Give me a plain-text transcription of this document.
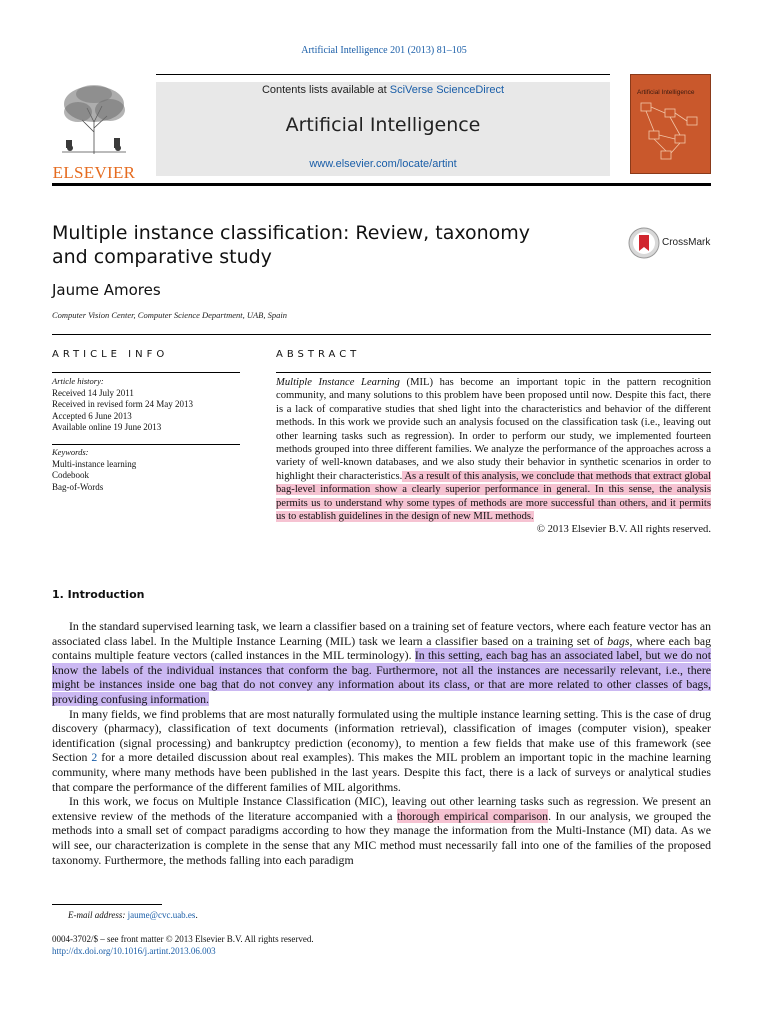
Artificial Intelligence 201 (2013) 81–105
ELSEVIER
Contents lists available at SciVerse ScienceDirect
Artificial Intelligence
www.elsevier.com/locate/artint
Artificial Intelligence
Multiple instance classification: Review, taxonomy
and comparative study
CrossMark
Jaume Amores
Computer Vision Center, Computer Science Department, UAB, Spain
ARTICLE INFO	ABSTRACT
Article history:
Received 14 July 2011
Received in revised form 24 May 2013
Accepted 6 June 2013
Available online 19 June 2013
Keywords:
Multi-instance learning
Codebook
Bag-of-Words
Multiple Instance Learning (MIL) has become an important topic in the pattern recognition community, and many solutions to this problem have been proposed until now. Despite this fact, there is a lack of comparative studies that shed light into the characteristics and behavior of the different methods. In this work we provide such an analysis focused on the classification task (i.e., leaving out other learning tasks such as regression). In order to perform our study, we implemented fourteen methods grouped into three different families. We analyze the performance of the approaches across a variety of well-known databases, and we also study their behavior in synthetic scenarios in order to highlight their characteristics. As a result of this analysis, we conclude that methods that extract global bag-level information show a clearly superior performance in general. In this sense, the analysis permits us to understand why some types of methods are more successful than others, and it permits us to establish guidelines in the design of new MIL methods.
© 2013 Elsevier B.V. All rights reserved.
1. Introduction

In the standard supervised learning task, we learn a classifier based on a training set of feature vectors, where each feature vector has an associated class label. In the Multiple Instance Learning (MIL) task we learn a classifier based on a training set of bags, where each bag contains multiple feature vectors (called instances in the MIL terminology). In this setting, each bag has an associated label, but we do not know the labels of the individual instances that conform the bag. Furthermore, not all the instances are necessarily relevant, i.e., there might be instances inside one bag that do not convey any information about its class, or that are more related to other classes of bags, providing confusing information.

In many fields, we find problems that are most naturally formulated using the multiple instance learning setting. This is the case of drug discovery (pharmacy), classification of text documents (information retrieval), classification of images (computer vision), speaker identification (signal processing) and bankruptcy prediction (economy), to mention a few fields that make use of this framework (see Section 2 for a more detailed discussion about real examples). This makes the MIL problem an important topic in the machine learning community, where many methods have been published in the last years. Despite this fact, there is a lack of surveys or analytical studies that compare the performance of the different families of MIL algorithms.

In this work, we focus on Multiple Instance Classification (MIC), leaving out other learning tasks such as regression. We present an extensive review of the methods of the literature accompanied with a thorough empirical comparison. In our analysis, we grouped the methods into a small set of compact paradigms according to how they manage the information from the Multi-Instance (MI) data. As we will see, our characterization is complete in the sense that any MIC method must necessarily fall into one of the families of the proposed taxonomy. Furthermore, the methods falling into each paradigm

E-mail address: jaume@cvc.uab.es.
0004-3702/$ – see front matter © 2013 Elsevier B.V. All rights reserved.
http://dx.doi.org/10.1016/j.artint.2013.06.003
